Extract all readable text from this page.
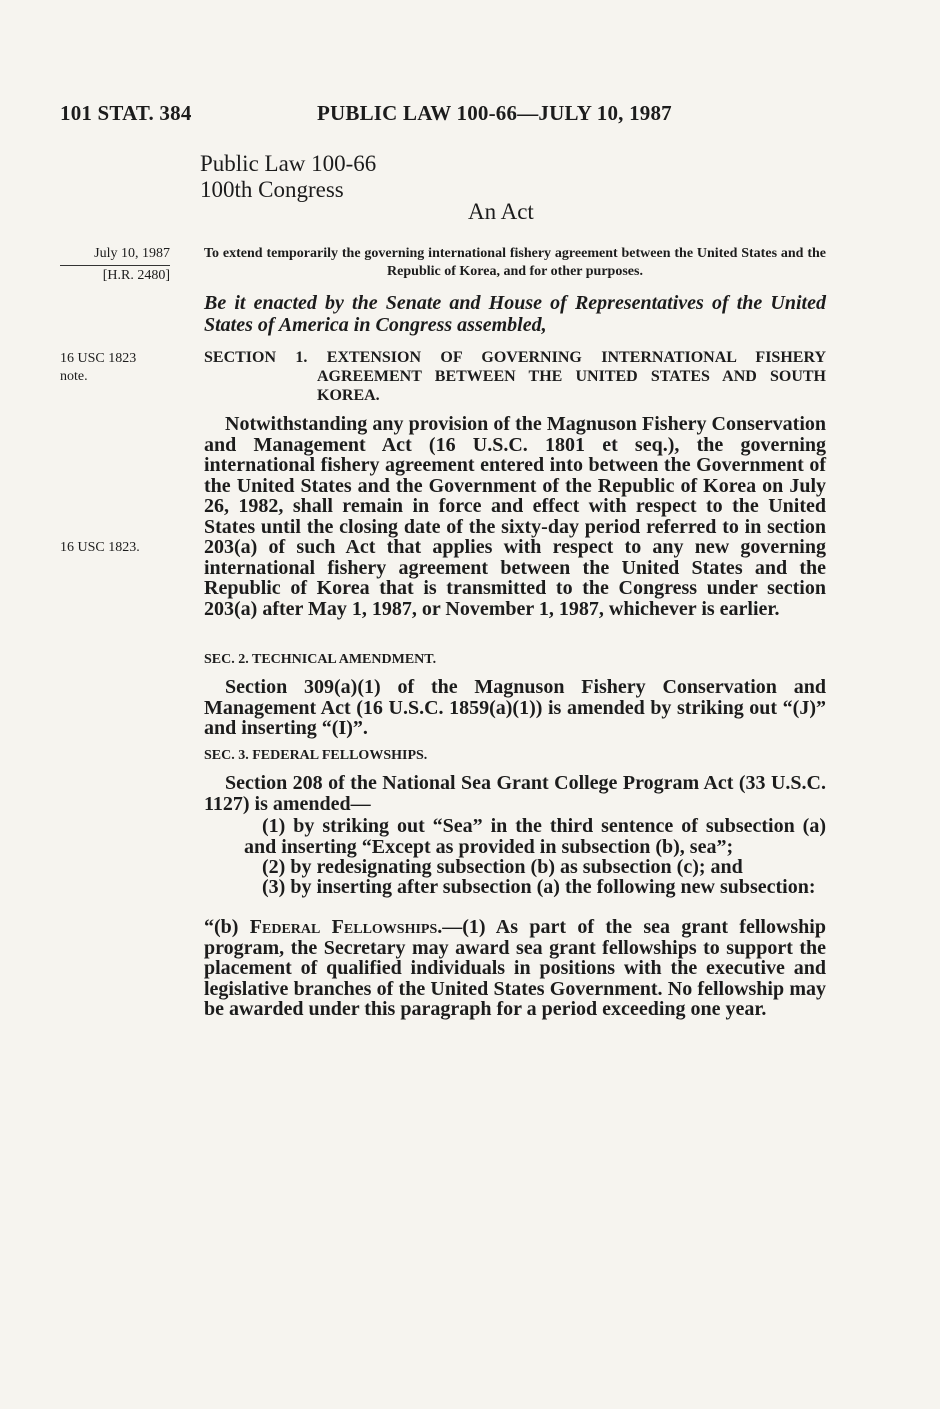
101 STAT. 384	PUBLIC LAW 100-66—JULY 10, 1987
Public Law 100-66
100th Congress
An Act
July 10, 1987
[H.R. 2480]
To extend temporarily the governing international fishery agreement between the United States and the Republic of Korea, and for other purposes.
Be it enacted by the Senate and House of Representatives of the United States of America in Congress assembled,
16 USC 1823
note.
SECTION 1. EXTENSION OF GOVERNING INTERNATIONAL FISHERY
AGREEMENT BETWEEN THE UNITED STATES AND SOUTH KOREA.
Notwithstanding any provision of the Magnuson Fishery Conservation and Management Act (16 U.S.C. 1801 et seq.), the governing international fishery agreement entered into between the Government of the United States and the Government of the Republic of Korea on July 26, 1982, shall remain in force and effect with respect to the United States until the closing date of the sixty-day period referred to in section 203(a) of such Act that applies with respect to any new governing international fishery agreement between the United States and the Republic of Korea that is transmitted to the Congress under section 203(a) after May 1, 1987, or November 1, 1987, whichever is earlier.
16 USC 1823.
SEC. 2. TECHNICAL AMENDMENT.
Section 309(a)(1) of the Magnuson Fishery Conservation and Management Act (16 U.S.C. 1859(a)(1)) is amended by striking out “(J)” and inserting “(I)”.
SEC. 3. FEDERAL FELLOWSHIPS.
Section 208 of the National Sea Grant College Program Act (33 U.S.C. 1127) is amended—
(1) by striking out “Sea” in the third sentence of subsection (a) and inserting “Except as provided in subsection (b), sea”;
(2) by redesignating subsection (b) as subsection (c); and
(3) by inserting after subsection (a) the following new subsection:
“(b) Federal Fellowships.—(1) As part of the sea grant fellowship program, the Secretary may award sea grant fellowships to support the placement of qualified individuals in positions with the executive and legislative branches of the United States Government. No fellowship may be awarded under this paragraph for a period exceeding one year.
